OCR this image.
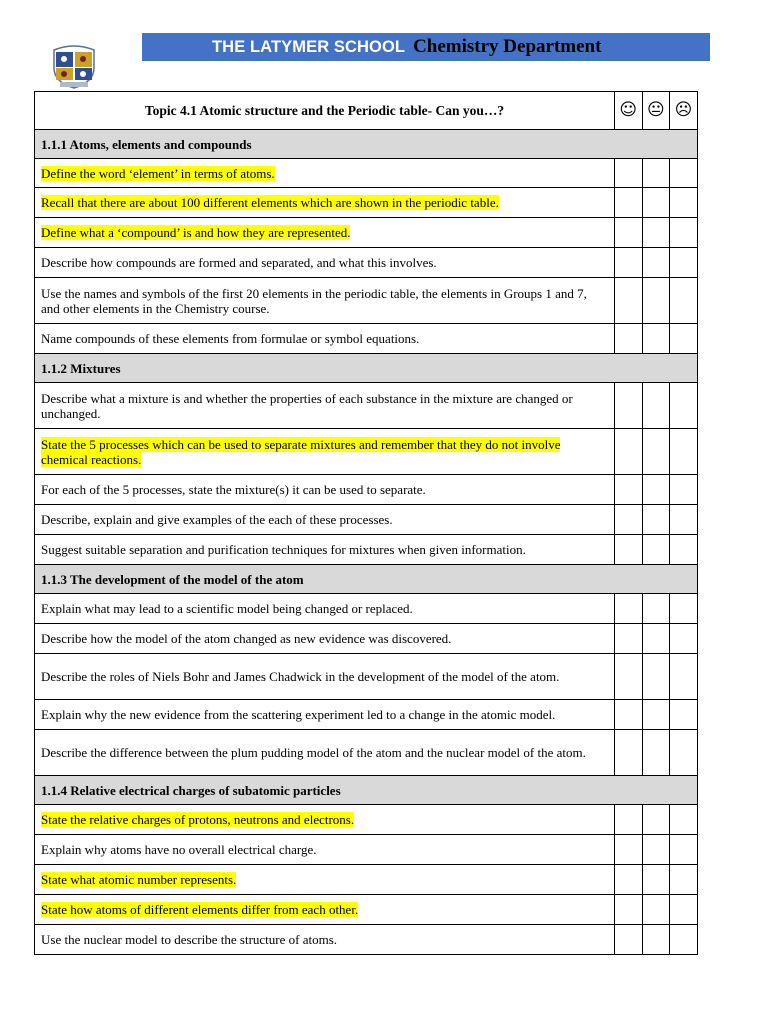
THE LATYMER SCHOOL Chemistry Department
Topic 4.1 Atomic structure and the Periodic table- Can you…?	☺	😐	☹
1.1.1 Atoms, elements and compounds			
Define the word ‘element’ in terms of atoms.			
Recall that there are about 100 different elements which are shown in the periodic table.			
Define what a ‘compound’ is and how they are represented.			
Describe how compounds are formed and separated, and what this involves.			
Use the names and symbols of the first 20 elements in the periodic table, the elements in Groups 1 and 7, and other elements in the Chemistry course.			
Name compounds of these elements from formulae or symbol equations.			
1.1.2 Mixtures			
Describe what a mixture is and whether the properties of each substance in the mixture are changed or unchanged.			
State the 5 processes which can be used to separate mixtures and remember that they do not involve chemical reactions.			
For each of the 5 processes, state the mixture(s) it can be used to separate.			
Describe, explain and give examples of the each of these processes.			
Suggest suitable separation and purification techniques for mixtures when given information.			
1.1.3 The development of the model of the atom			
Explain what may lead to a scientific model being changed or replaced.			
Describe how the model of the atom changed as new evidence was discovered.			
Describe the roles of Niels Bohr and James Chadwick in the development of the model of the atom.			
Explain why the new evidence from the scattering experiment led to a change in the atomic model.			
Describe the difference between the plum pudding model of the atom and the nuclear model of the atom.			
1.1.4 Relative electrical charges of subatomic particles			
State the relative charges of protons, neutrons and electrons.			
Explain why atoms have no overall electrical charge.			
State what atomic number represents.			
State how atoms of different elements differ from each other.			
Use the nuclear model to describe the structure of atoms.			
